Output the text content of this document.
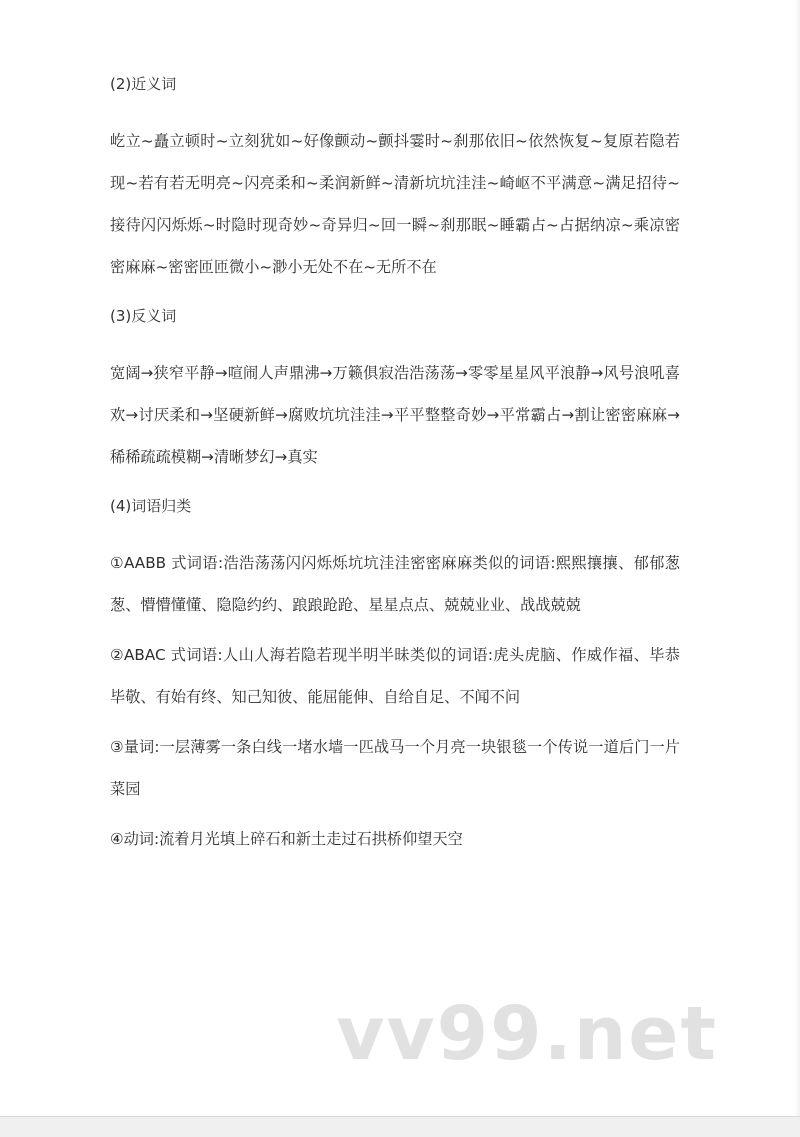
(2)近义词

屹立~矗立顿时~立刻犹如~好像颤动~颤抖霎时~刹那依旧~依然恢复~复原若隐若现~若有若无明亮~闪亮柔和~柔润新鲜~清新坑坑洼洼~崎岖不平满意~满足招待~接待闪闪烁烁~时隐时现奇妙~奇异归~回一瞬~刹那眠~睡霸占~占据纳凉~乘凉密密麻麻~密密匝匝微小~渺小无处不在~无所不在

(3)反义词

宽阔→狭窄平静→喧闹人声鼎沸→万籁俱寂浩浩荡荡→零零星星风平浪静→风号浪吼喜欢→讨厌柔和→坚硬新鲜→腐败坑坑洼洼→平平整整奇妙→平常霸占→割让密密麻麻→稀稀疏疏模糊→清晰梦幻→真实

(4)词语归类

①AABB 式词语:浩浩荡荡闪闪烁烁坑坑洼洼密密麻麻类似的词语:熙熙攘攘、郁郁葱葱、懵懵懂懂、隐隐约约、踉踉跄跄、星星点点、兢兢业业、战战兢兢

②ABAC 式词语:人山人海若隐若现半明半昧类似的词语:虎头虎脑、作威作福、毕恭毕敬、有始有终、知己知彼、能屈能伸、自给自足、不闻不问

③量词:一层薄雾一条白线一堵水墙一匹战马一个月亮一块银毯一个传说一道后门一片菜园

④动词:流着月光填上碎石和新土走过石拱桥仰望天空

vv99.net
